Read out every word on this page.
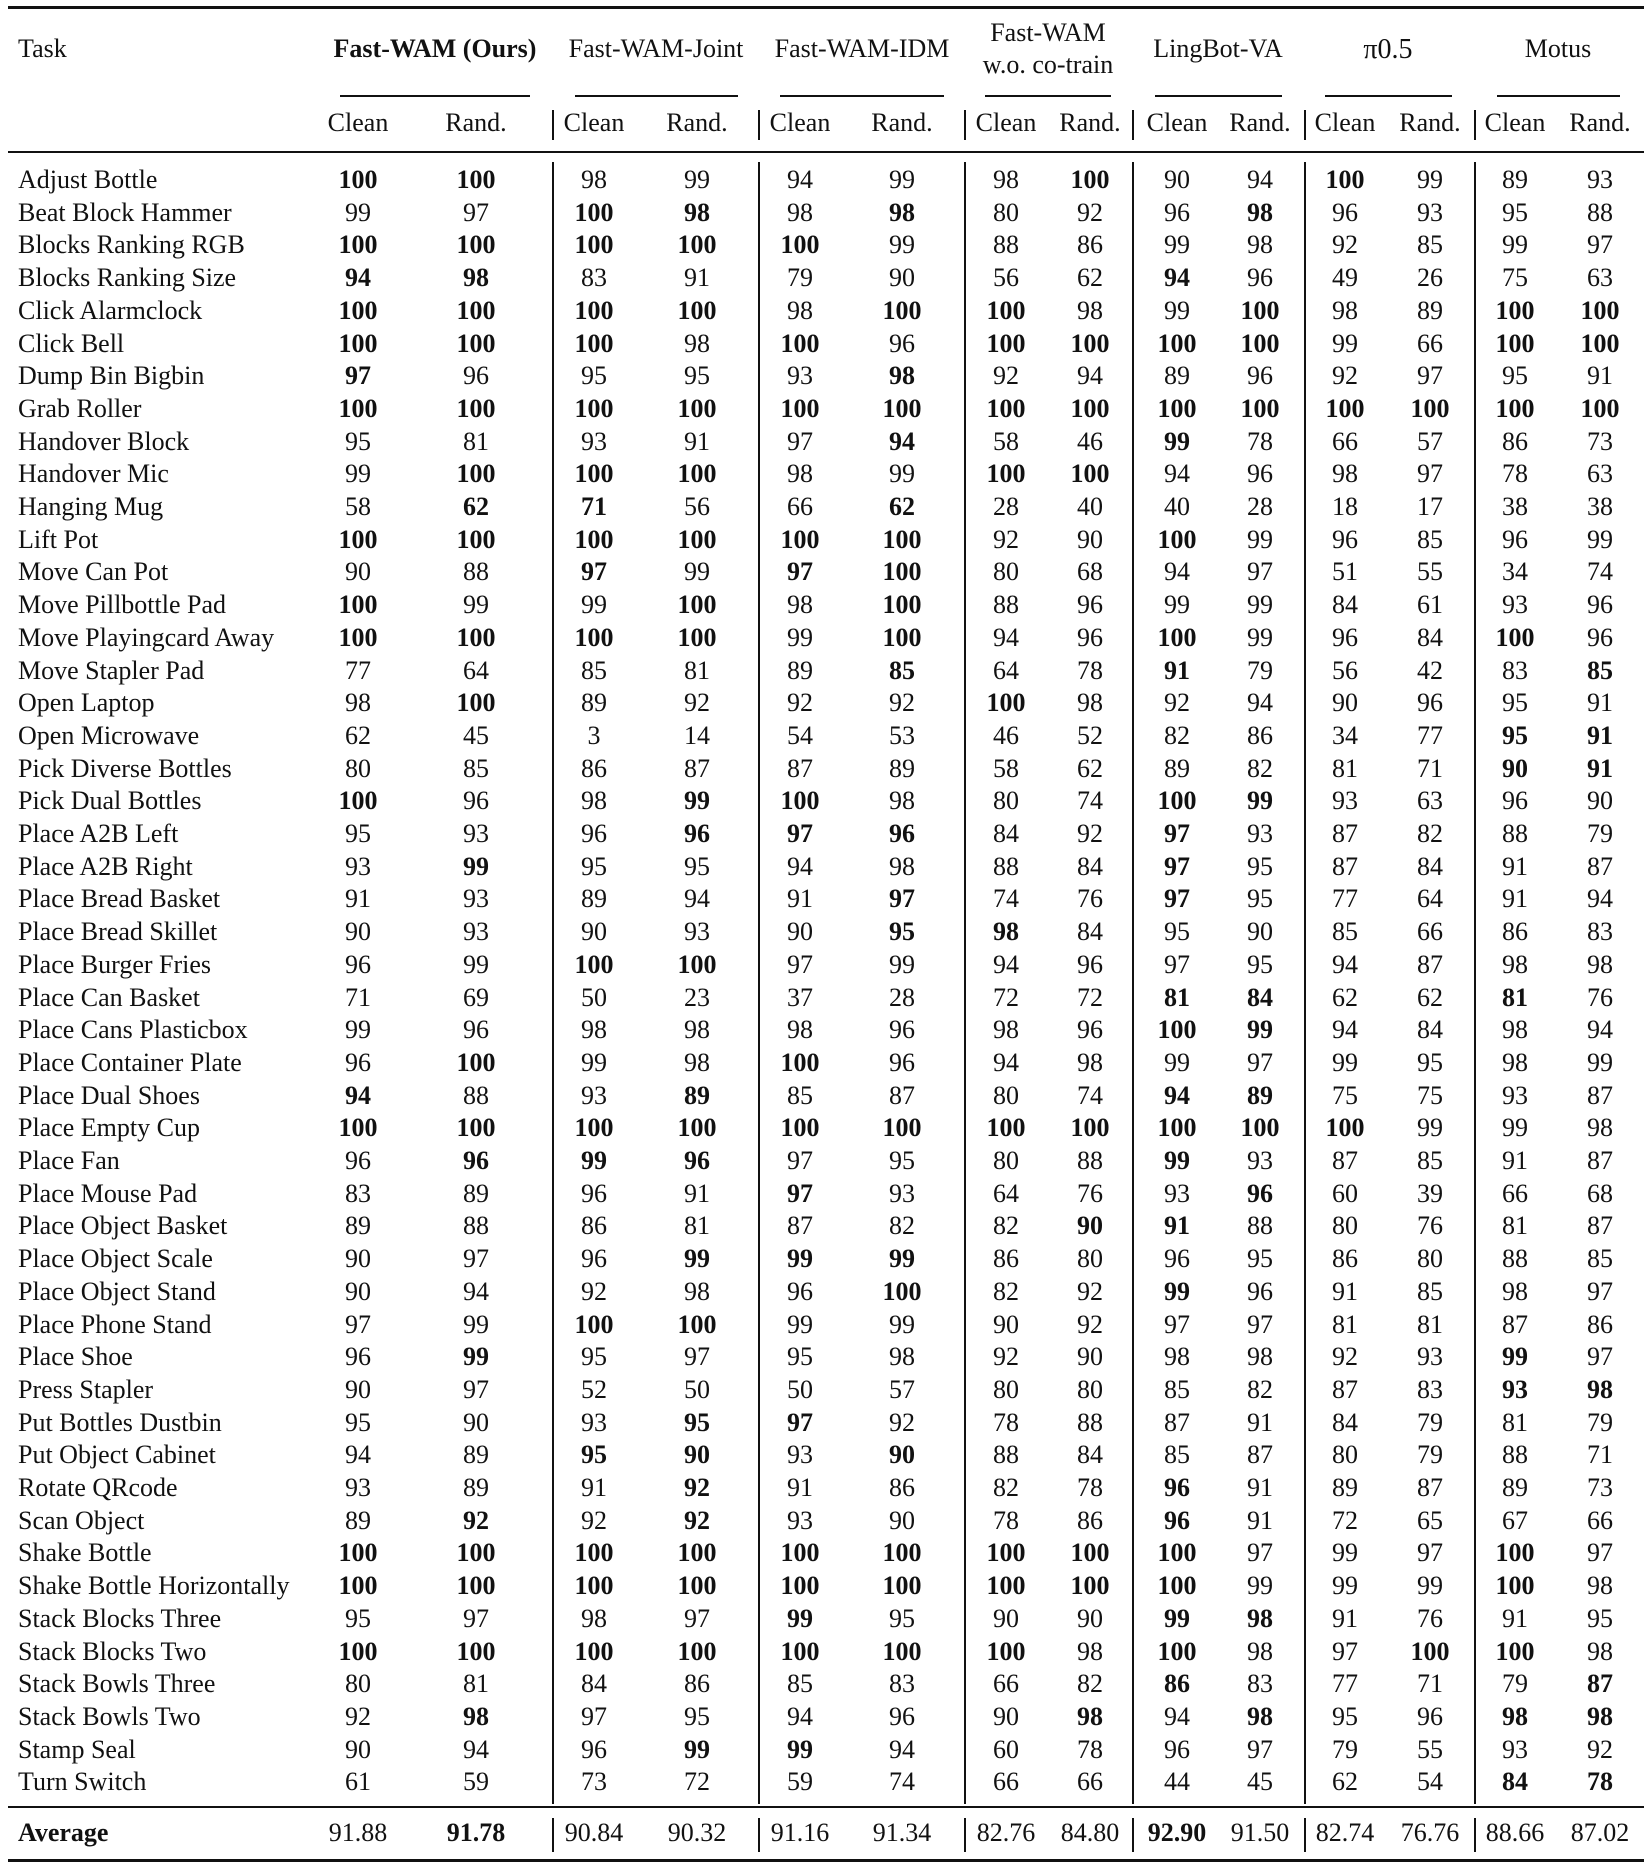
Task	Fast-WAM (Ours)	Fast-WAM-Joint	Fast-WAM-IDM
Fast-WAM
w.o. co-train
LingBot-VA	π0.5	Motus
Clean	Rand.	Clean	Rand.	Clean	Rand.	Clean Rand. Clean Rand. Clean Rand. Clean Rand.
Adjust Bottle	100	100	98	99	94	99	98	100	90	94	100	99	89	93
Beat Block Hammer	99	97	100	98	98	98	80	92	96	98	96	93	95	88
Blocks Ranking RGB	100	100	100	100	100	99	88	86	99	98	92	85	99	97
Blocks Ranking Size	94	98	83	91	79	90	56	62	94	96	49	26	75	63
Click Alarmclock	100	100	100	100	98	100	100	98	99	100	98	89	100	100
Click Bell	100	100	100	98	100	96	100	100	100	100	99	66	100	100
Dump Bin Bigbin	97	96	95	95	93	98	92	94	89	96	92	97	95	91
Grab Roller	100	100	100	100	100	100	100	100	100	100	100	100	100	100
Handover Block	95	81	93	91	97	94	58	46	99	78	66	57	86	73
Handover Mic	99	100	100	100	98	99	100	100	94	96	98	97	78	63
Hanging Mug	58	62	71	56	66	62	28	40	40	28	18	17	38	38
Lift Pot	100	100	100	100	100	100	92	90	100	99	96	85	96	99
Move Can Pot	90	88	97	99	97	100	80	68	94	97	51	55	34	74
Move Pillbottle Pad	100	99	99	100	98	100	88	96	99	99	84	61	93	96
Move Playingcard Away	100	100	100	100	99	100	94	96	100	99	96	84	100	96
Move Stapler Pad	77	64	85	81	89	85	64	78	91	79	56	42	83	85
Open Laptop	98	100	89	92	92	92	100	98	92	94	90	96	95	91
Open Microwave	62	45	3	14	54	53	46	52	82	86	34	77	95	91
Pick Diverse Bottles	80	85	86	87	87	89	58	62	89	82	81	71	90	91
Pick Dual Bottles	100	96	98	99	100	98	80	74	100	99	93	63	96	90
Place A2B Left	95	93	96	96	97	96	84	92	97	93	87	82	88	79
Place A2B Right	93	99	95	95	94	98	88	84	97	95	87	84	91	87
Place Bread Basket	91	93	89	94	91	97	74	76	97	95	77	64	91	94
Place Bread Skillet	90	93	90	93	90	95	98	84	95	90	85	66	86	83
Place Burger Fries	96	99	100	100	97	99	94	96	97	95	94	87	98	98
Place Can Basket	71	69	50	23	37	28	72	72	81	84	62	62	81	76
Place Cans Plasticbox	99	96	98	98	98	96	98	96	100	99	94	84	98	94
Place Container Plate	96	100	99	98	100	96	94	98	99	97	99	95	98	99
Place Dual Shoes	94	88	93	89	85	87	80	74	94	89	75	75	93	87
Place Empty Cup	100	100	100	100	100	100	100	100	100	100	100	99	99	98
Place Fan	96	96	99	96	97	95	80	88	99	93	87	85	91	87
Place Mouse Pad	83	89	96	91	97	93	64	76	93	96	60	39	66	68
Place Object Basket	89	88	86	81	87	82	82	90	91	88	80	76	81	87
Place Object Scale	90	97	96	99	99	99	86	80	96	95	86	80	88	85
Place Object Stand	90	94	92	98	96	100	82	92	99	96	91	85	98	97
Place Phone Stand	97	99	100	100	99	99	90	92	97	97	81	81	87	86
Place Shoe	96	99	95	97	95	98	92	90	98	98	92	93	99	97
Press Stapler	90	97	52	50	50	57	80	80	85	82	87	83	93	98
Put Bottles Dustbin	95	90	93	95	97	92	78	88	87	91	84	79	81	79
Put Object Cabinet	94	89	95	90	93	90	88	84	85	87	80	79	88	71
Rotate QRcode	93	89	91	92	91	86	82	78	96	91	89	87	89	73
Scan Object	89	92	92	92	93	90	78	86	96	91	72	65	67	66
Shake Bottle	100	100	100	100	100	100	100	100	100	97	99	97	100	97
Shake Bottle Horizontally	100	100	100	100	100	100	100	100	100	99	99	99	100	98
Stack Blocks Three	95	97	98	97	99	95	90	90	99	98	91	76	91	95
Stack Blocks Two	100	100	100	100	100	100	100	98	100	98	97	100	100	98
Stack Bowls Three	80	81	84	86	85	83	66	82	86	83	77	71	79	87
Stack Bowls Two	92	98	97	95	94	96	90	98	94	98	95	96	98	98
Stamp Seal	90	94	96	99	99	94	60	78	96	97	79	55	93	92
Turn Switch	61	59	73	72	59	74	66	66	44	45	62	54	84	78
Average	91.88	91.78	90.84	90.32	91.16	91.34	82.76 84.80	92.90 91.50	82.74	76.76	88.66	87.02
